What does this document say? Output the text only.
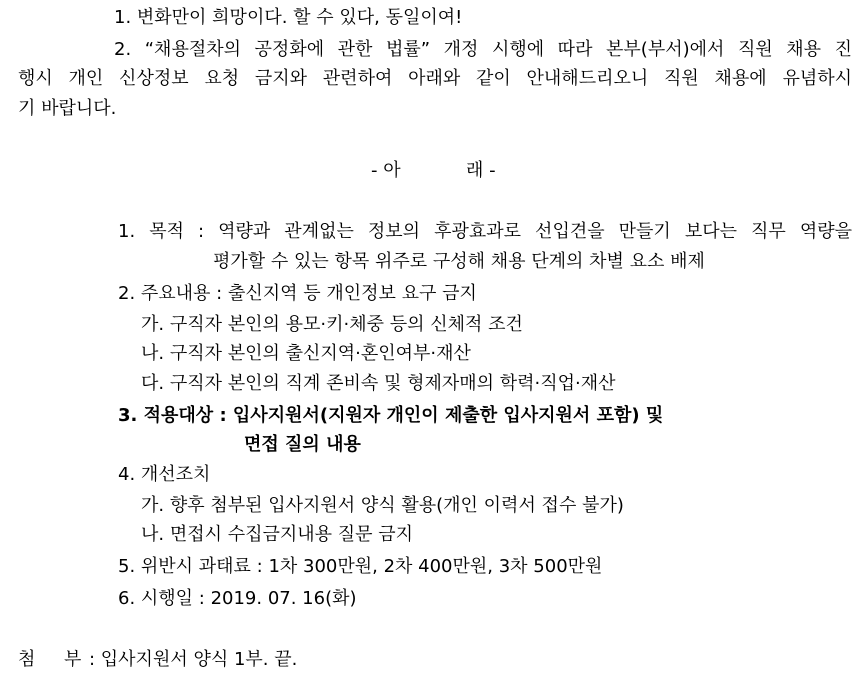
1. 변화만이 희망이다. 할 수 있다, 동일이여!
2. “채용절차의 공정화에 관한 법률” 개정 시행에 따라 본부(부서)에서 직원 채용 진
행시 개인 신상정보 요청 금지와 관련하여 아래와 같이 안내해드리오니 직원 채용에 유념하시
기 바랍니다.
- 아	래 -
1. 목적 : 역량과 관계없는 정보의 후광효과로 선입견을 만들기 보다는 직무 역량을
평가할 수 있는 항목 위주로 구성해 채용 단계의 차별 요소 배제
2. 주요내용 : 출신지역 등 개인정보 요구 금지
가. 구직자 본인의 용모·키·체중 등의 신체적 조건
나. 구직자 본인의 출신지역·혼인여부·재산
다. 구직자 본인의 직계 존비속 및 형제자매의 학력·직업·재산
3. 적용대상 : 입사지원서(지원자 개인이 제출한 입사지원서 포함) 및
면접 질의 내용
4. 개선조치
가. 향후 첨부된 입사지원서 양식 활용(개인 이력서 접수 불가)
나. 면접시 수집금지내용 질문 금지
5. 위반시 과태료 : 1차 300만원, 2차 400만원, 3차 500만원
6. 시행일 : 2019. 07. 16(화)
첨 부 : 입사지원서 양식 1부. 끝.
